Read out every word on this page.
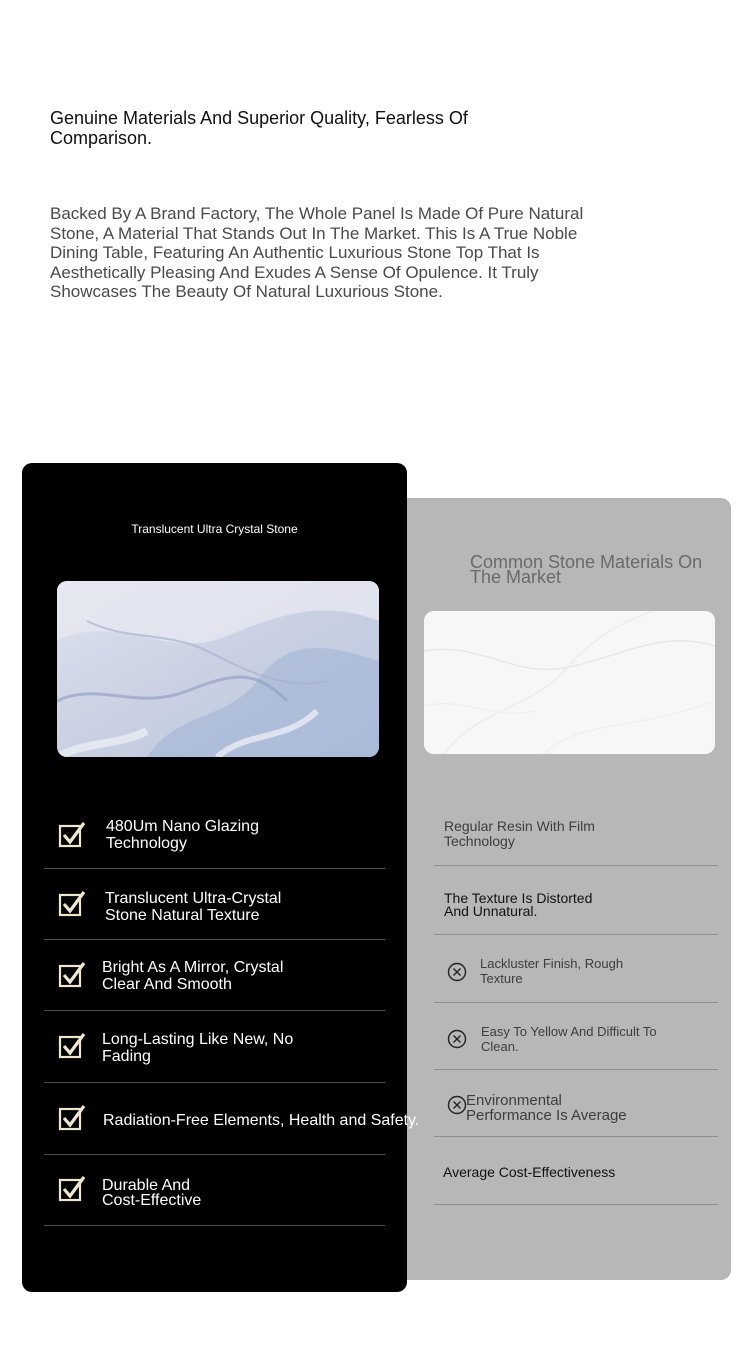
Genuine Materials And Superior Quality, Fearless Of Comparison.
Backed By A Brand Factory, The Whole Panel Is Made Of Pure Natural Stone, A Material That Stands Out In The Market. This Is A True Noble Dining Table, Featuring An Authentic Luxurious Stone Top That Is Aesthetically Pleasing And Exudes A Sense Of Opulence. It Truly Showcases The Beauty Of Natural Luxurious Stone.
Common Stone Materials On The Market
Regular Resin With Film
Technology
The Texture Is Distorted
And Unnatural.
Lackluster Finish, Rough
Texture
Easy To Yellow And Difficult To
Clean.
Environmental
Performance Is Average
Average Cost-Effectiveness
Translucent Ultra Crystal Stone
480Um Nano Glazing
Technology
Translucent Ultra-Crystal
Stone Natural Texture
Bright As A Mirror, Crystal
Clear And Smooth
Long-Lasting Like New, No
Fading
Radiation-Free Elements, Health and Safety.
Durable And
Cost-Effective
